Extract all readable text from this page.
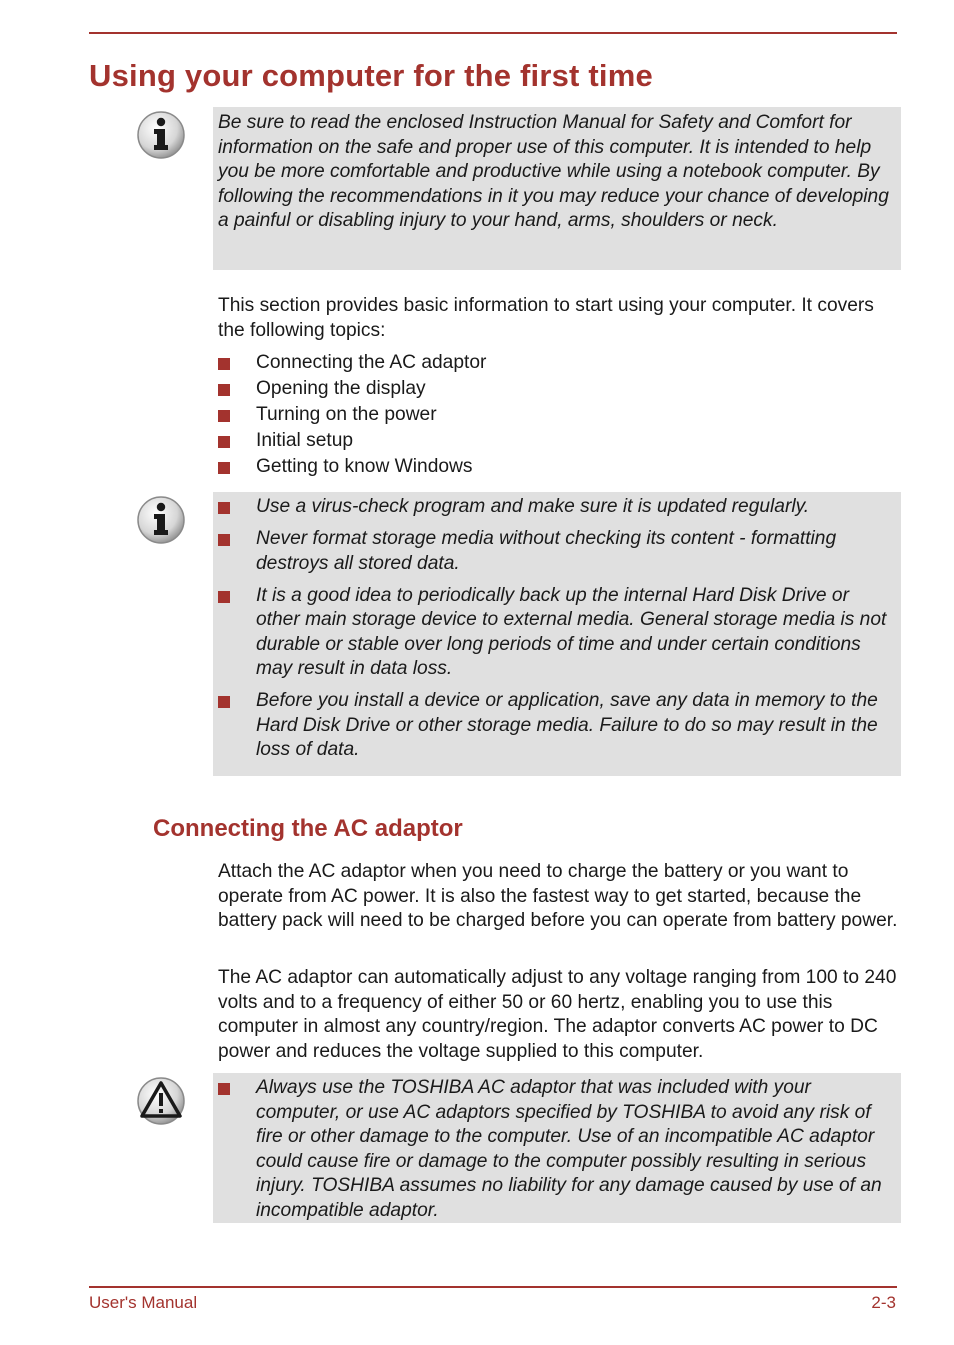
Using your computer for the first time

Be sure to read the enclosed Instruction Manual for Safety and Comfort for information on the safe and proper use of this computer. It is intended to help you be more comfortable and productive while using a notebook computer. By following the recommendations in it you may reduce your chance of developing a painful or disabling injury to your hand, arms, shoulders or neck.

This section provides basic information to start using your computer. It covers the following topics:

Connecting the AC adaptor
Opening the display
Turning on the power
Initial setup
Getting to know Windows
Use a virus-check program and make sure it is updated regularly.
Never format storage media without checking its content - formatting destroys all stored data.
It is a good idea to periodically back up the internal Hard Disk Drive or other main storage device to external media. General storage media is not durable or stable over long periods of time and under certain conditions may result in data loss.
Before you install a device or application, save any data in memory to the Hard Disk Drive or other storage media. Failure to do so may result in the loss of data.
Connecting the AC adaptor

Attach the AC adaptor when you need to charge the battery or you want to operate from AC power. It is also the fastest way to get started, because the battery pack will need to be charged before you can operate from battery power.

The AC adaptor can automatically adjust to any voltage ranging from 100 to 240 volts and to a frequency of either 50 or 60 hertz, enabling you to use this computer in almost any country/region. The adaptor converts AC power to DC power and reduces the voltage supplied to this computer.

Always use the TOSHIBA AC adaptor that was included with your computer, or use AC adaptors specified by TOSHIBA to avoid any risk of fire or other damage to the computer. Use of an incompatible AC adaptor could cause fire or damage to the computer possibly resulting in serious injury. TOSHIBA assumes no liability for any damage caused by use of an incompatible adaptor.
User's Manual	2-3
